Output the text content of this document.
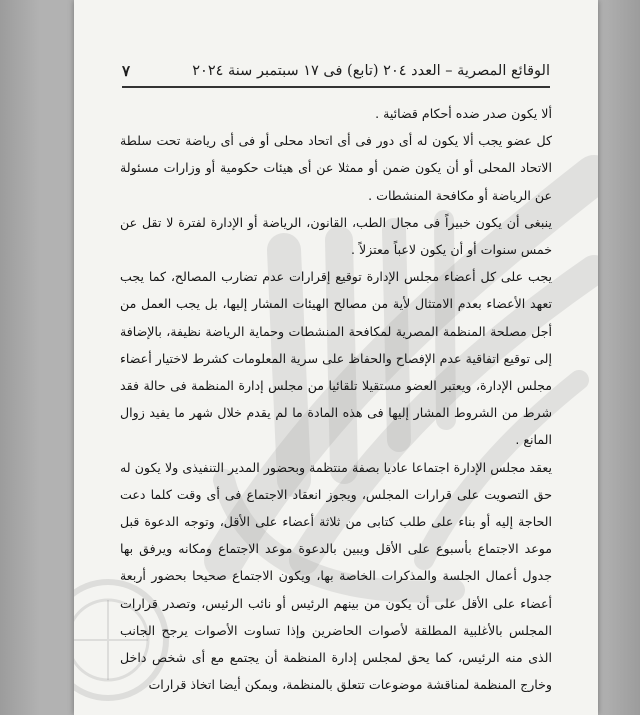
الوقائع المصرية – العدد ٢٠٤ (تابع) فى ١٧ سبتمبر سنة ٢٠٢٤
٧

ألا يكون صدر ضده أحكام قضائية .

كل عضو يجب ألا يكون له أى دور فى أى اتحاد محلى أو فى أى رياضة تحت سلطة الاتحاد المحلى أو أن يكون ضمن أو ممثلا عن أى هيئات حكومية أو وزارات مسئولة عن الرياضة أو مكافحة المنشطات .

ينبغى أن يكون خبيراً فى مجال الطب، القانون، الرياضة أو الإدارة لفترة لا تقل عن خمس سنوات أو أن يكون لاعباً معتزلاً .

يجب على كل أعضاء مجلس الإدارة توقيع إقرارات عدم تضارب المصالح، كما يجب تعهد الأعضاء بعدم الامتثال لأية من مصالح الهيئات المشار إليها، بل يجب العمل من أجل مصلحة المنظمة المصرية لمكافحة المنشطات وحماية الرياضة نظيفة، بالإضافة إلى توقيع اتفاقية عدم الإفصاح والحفاظ على سرية المعلومات كشرط لاختيار أعضاء مجلس الإدارة، ويعتبر العضو مستقيلا تلقائيا من مجلس إدارة المنظمة فى حالة فقد شرط من الشروط المشار إليها فى هذه المادة ما لم يقدم خلال شهر ما يفيد زوال المانع .

يعقد مجلس الإدارة اجتماعا عاديا بصفة منتظمة وبحضور المدير التنفيذى ولا يكون له حق التصويت على قرارات المجلس، ويجوز انعقاد الاجتماع فى أى وقت كلما دعت الحاجة إليه أو بناء على طلب كتابى من ثلاثة أعضاء على الأقل، وتوجه الدعوة قبل موعد الاجتماع بأسبوع على الأقل ويبين بالدعوة موعد الاجتماع ومكانه ويرفق بها جدول أعمال الجلسة والمذكرات الخاصة بها، ويكون الاجتماع صحيحا بحضور أربعة أعضاء على الأقل على أن يكون من بينهم الرئيس أو نائب الرئيس، وتصدر قرارات المجلس بالأغلبية المطلقة لأصوات الحاضرين وإذا تساوت الأصوات يرجح الجانب الذى منه الرئيس، كما يحق لمجلس إدارة المنظمة أن يجتمع مع أى شخص داخل وخارج المنظمة لمناقشة موضوعات تتعلق بالمنظمة، ويمكن أيضا اتخاذ قرارات
